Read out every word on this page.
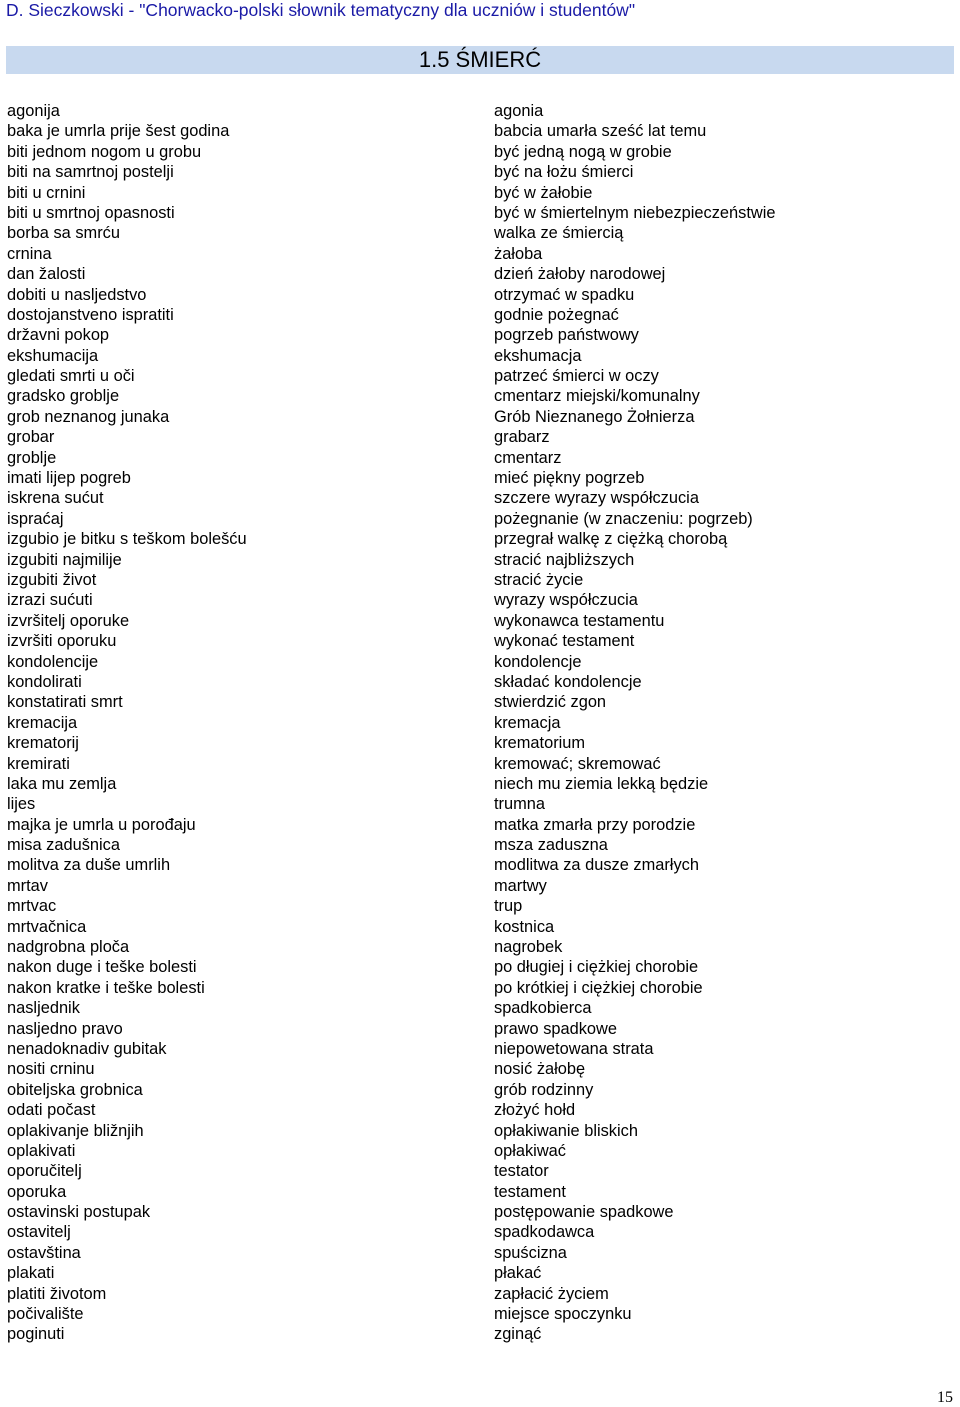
D. Sieczkowski - "Chorwacko-polski słownik tematyczny dla uczniów i studentów"
1.5 ŚMIERĆ
agonija
baka je umrla prije šest godina
biti jednom nogom u grobu
biti na samrtnoj postelji
biti u crnini
biti u smrtnoj opasnosti
borba sa smrću
crnina
dan žalosti
dobiti u nasljedstvo
dostojanstveno ispratiti
državni pokop
ekshumacija
gledati smrti u oči
gradsko groblje
grob neznanog junaka
grobar
groblje
imati lijep pogreb
iskrena sućut
ispraćaj
izgubio je bitku s teškom bolešću
izgubiti najmilije
izgubiti život
izrazi sućuti
izvršitelj oporuke
izvršiti oporuku
kondolencije
kondolirati
konstatirati smrt
kremacija
krematorij
kremirati
laka mu zemlja
lijes
majka je umrla u porođaju
misa zadušnica
molitva za duše umrlih
mrtav
mrtvac
mrtvačnica
nadgrobna ploča
nakon duge i teške bolesti
nakon kratke i teške bolesti
nasljednik
nasljedno pravo
nenadoknadiv gubitak
nositi crninu
obiteljska grobnica
odati počast
oplakivanje bližnjih
oplakivati
oporučitelj
oporuka
ostavinski postupak
ostavitelj
ostavština
plakati
platiti životom
počivalište
poginuti
agonia
babcia umarła sześć lat temu
być jedną nogą w grobie
być na łożu śmierci
być w żałobie
być w śmiertelnym niebezpieczeństwie
walka ze śmiercią
żałoba
dzień żałoby narodowej
otrzymać w spadku
godnie pożegnać
pogrzeb państwowy
ekshumacja
patrzeć śmierci w oczy
cmentarz miejski/komunalny
Grób Nieznanego Żołnierza
grabarz
cmentarz
mieć piękny pogrzeb
szczere wyrazy współczucia
pożegnanie (w znaczeniu: pogrzeb)
przegrał walkę z ciężką chorobą
stracić najbliższych
stracić życie
wyrazy współczucia
wykonawca testamentu
wykonać testament
kondolencje
składać kondolencje
stwierdzić zgon
kremacja
krematorium
kremować; skremować
niech mu ziemia lekką będzie
trumna
matka zmarła przy porodzie
msza zaduszna
modlitwa za dusze zmarłych
martwy
trup
kostnica
nagrobek
po długiej i ciężkiej chorobie
po krótkiej i ciężkiej chorobie
spadkobierca
prawo spadkowe
niepowetowana strata
nosić żałobę
grób rodzinny
złożyć hołd
opłakiwanie bliskich
opłakiwać
testator
testament
postępowanie spadkowe
spadkodawca
spuścizna
płakać
zapłacić życiem
miejsce spoczynku
zginąć
15
